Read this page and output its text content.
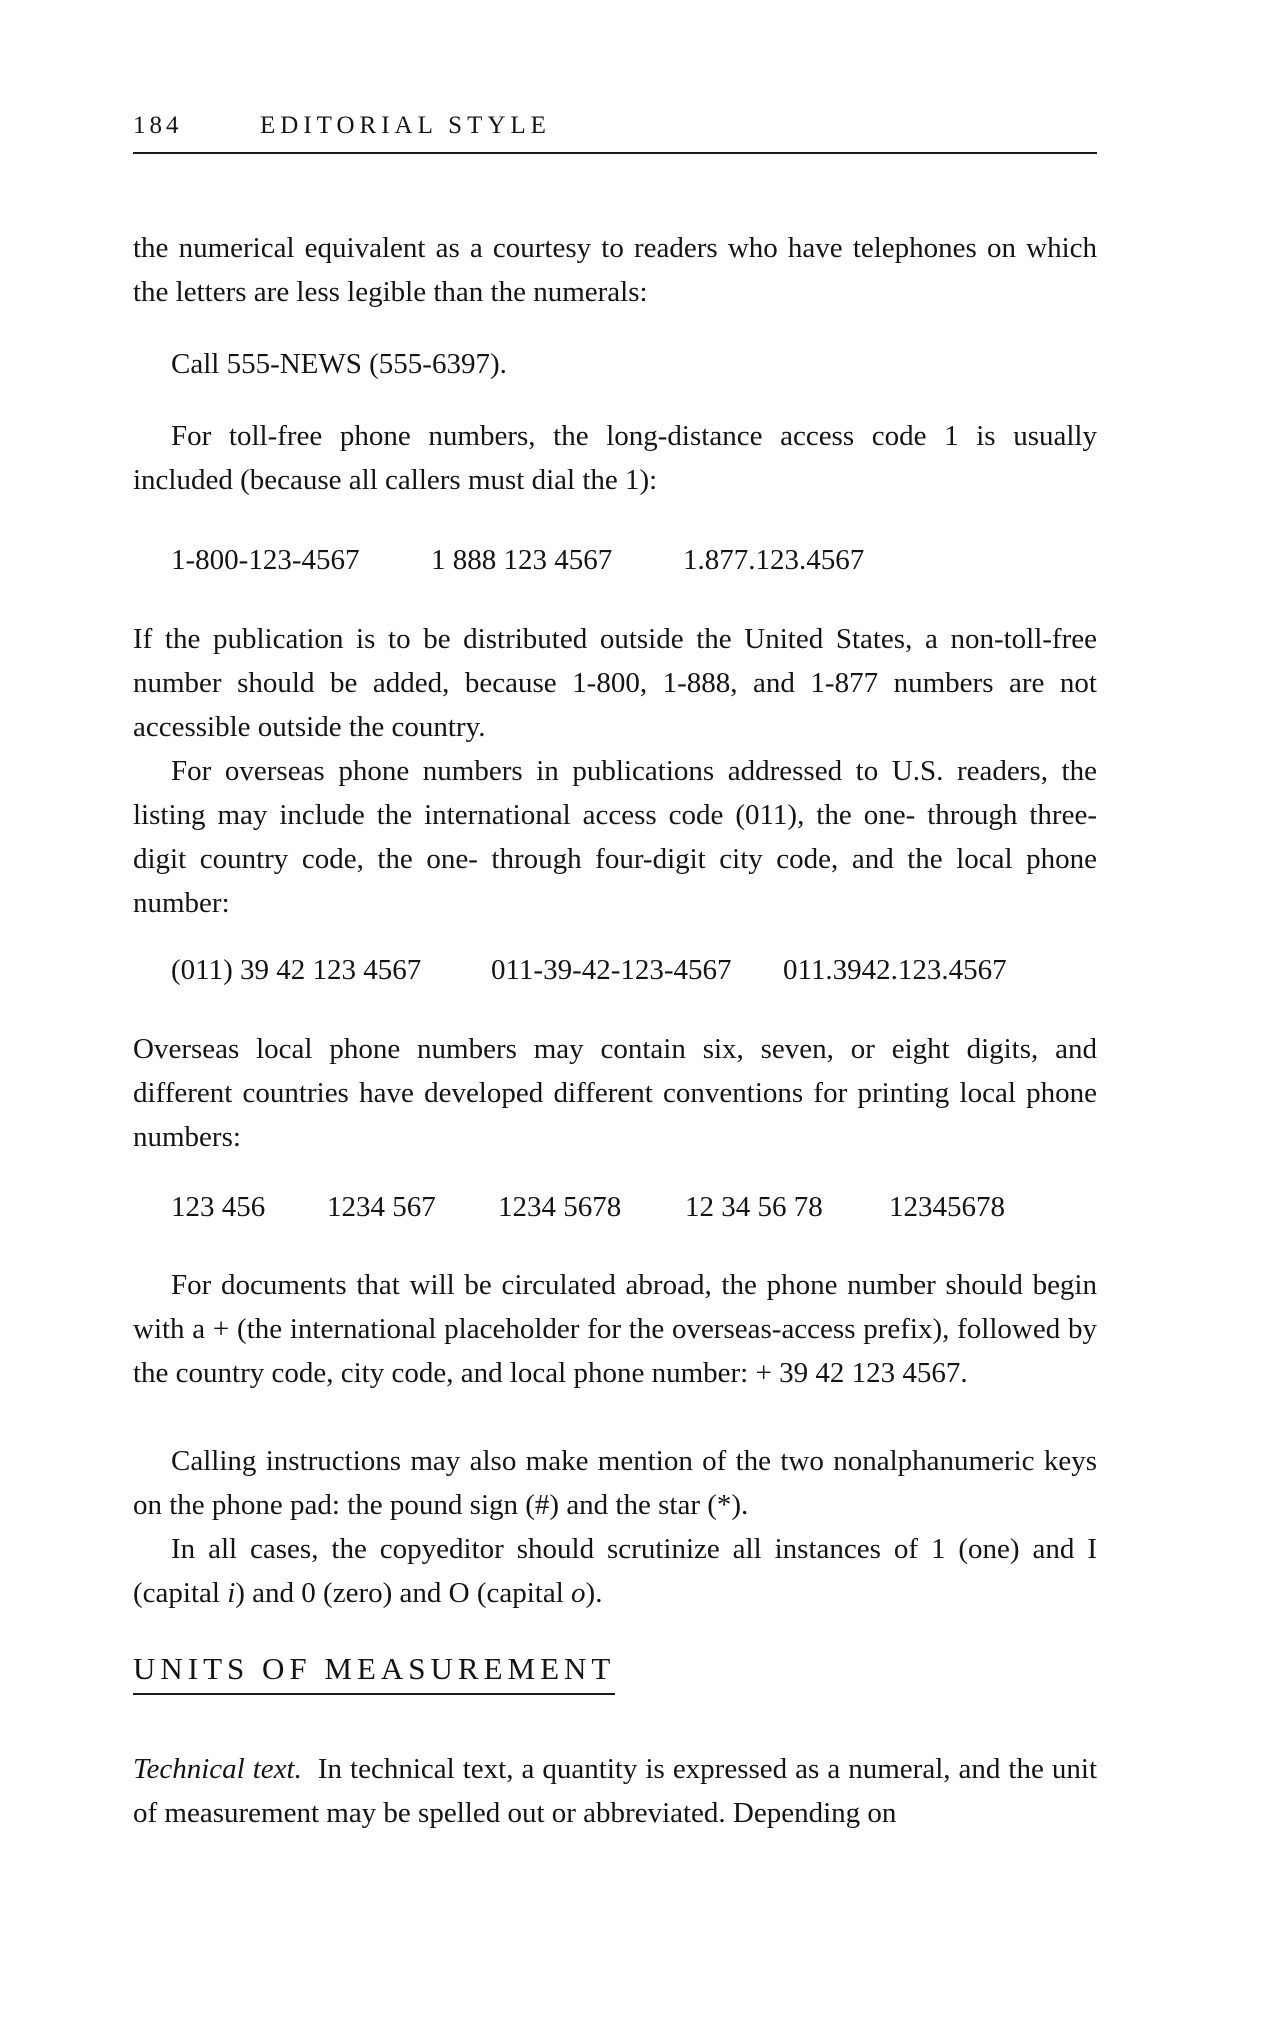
184	EDITORIAL STYLE

the numerical equivalent as a courtesy to readers who have telephones on which the letters are less legible than the numerals:

Call 555-NEWS (555-6397).

For toll-free phone numbers, the long-distance access code 1 is usually included (because all callers must dial the 1):

1-800-123-4567 1 888 123 4567 1.877.123.4567

If the publication is to be distributed outside the United States, a non-toll-free number should be added, because 1-800, 1-888, and 1-877 numbers are not accessible outside the country.

For overseas phone numbers in publications addressed to U.S. readers, the listing may include the international access code (011), the one- through three-digit country code, the one- through four-digit city code, and the local phone number:

(011) 39 42 123 4567 011-39-42-123-4567 011.3942.123.4567

Overseas local phone numbers may contain six, seven, or eight digits, and different countries have developed different conventions for printing local phone numbers:

123 456 1234 567 1234 5678 12 34 56 78 12345678

For documents that will be circulated abroad, the phone number should begin with a + (the international placeholder for the overseas-access prefix), followed by the country code, city code, and local phone number: + 39 42 123 4567.

Calling instructions may also make mention of the two nonalphanumeric keys on the phone pad: the pound sign (#) and the star (*).

In all cases, the copyeditor should scrutinize all instances of 1 (one) and I (capital i) and 0 (zero) and O (capital o).

UNITS OF MEASUREMENT

Technical text. In technical text, a quantity is expressed as a numeral, and the unit of measurement may be spelled out or abbreviated. Depending on
